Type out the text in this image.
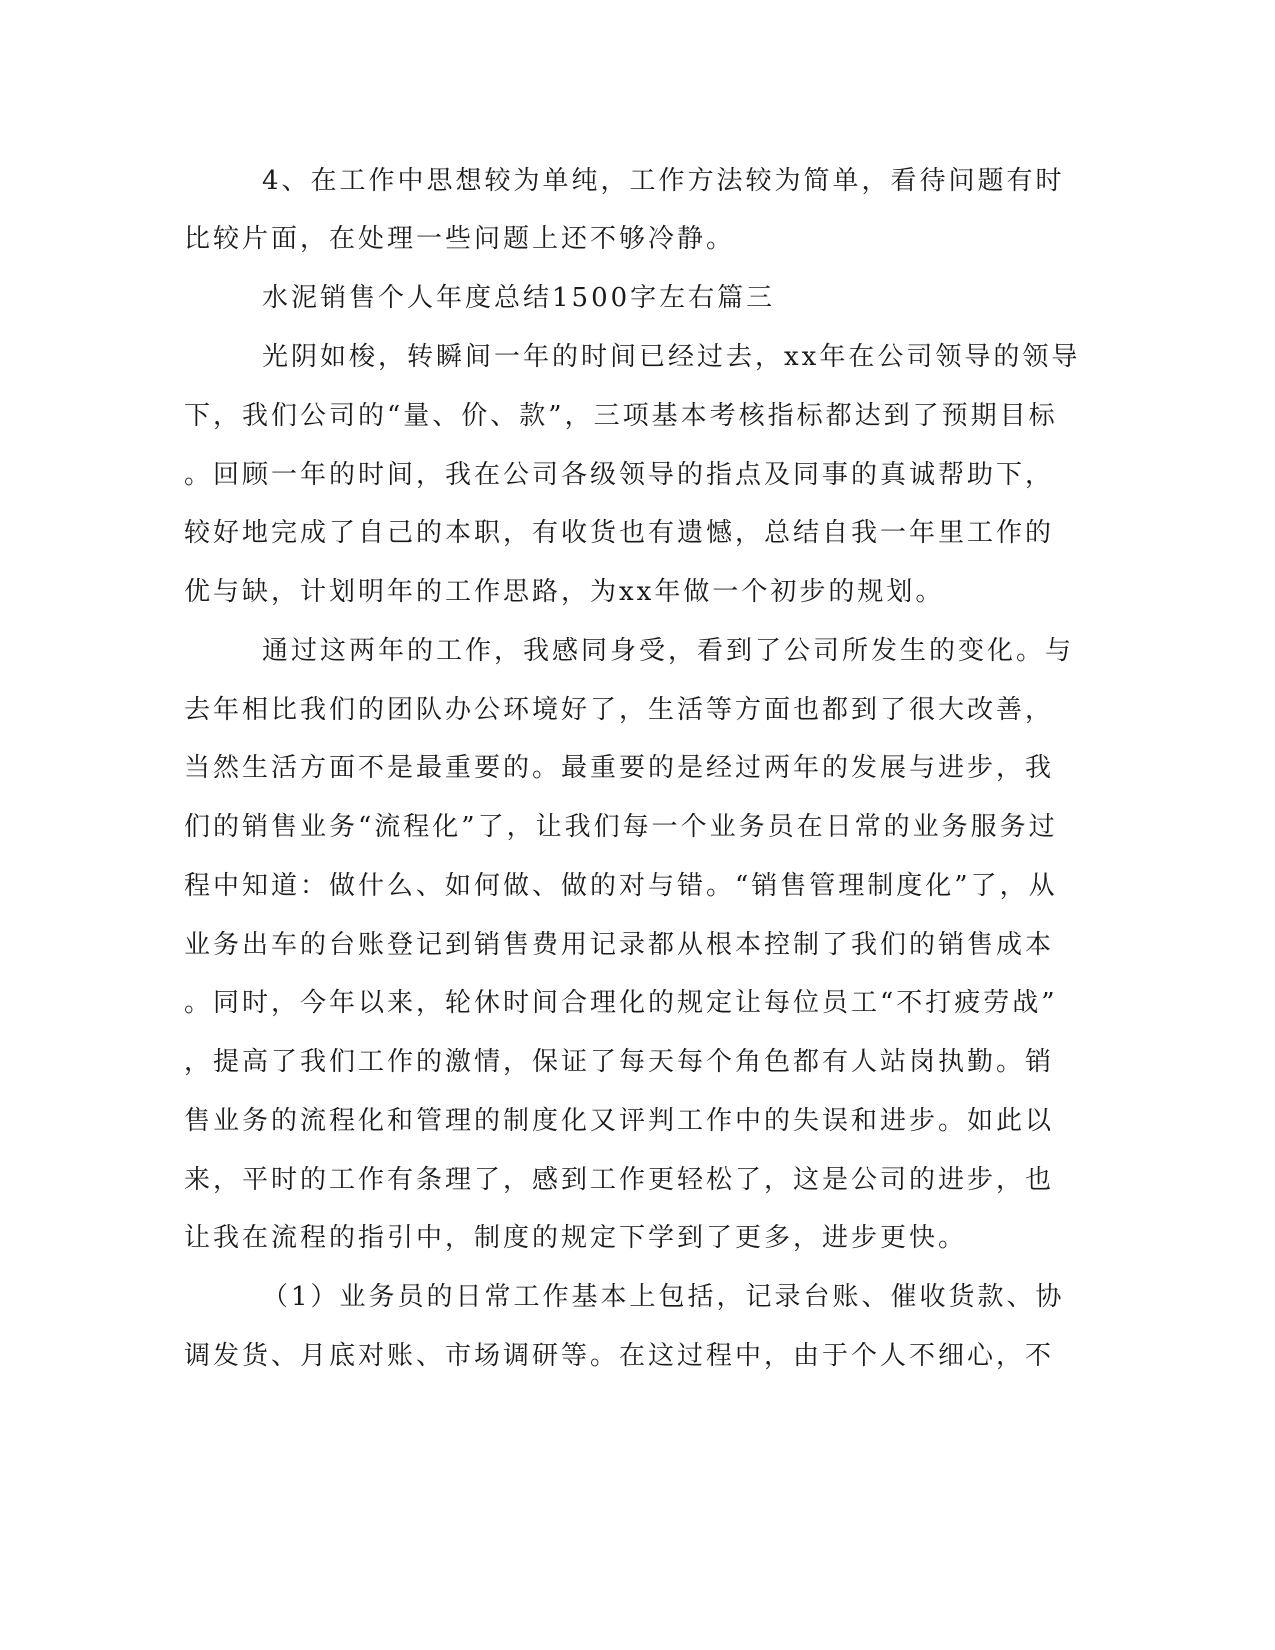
4、在工作中思想较为单纯，工作方法较为简单，看待问题有时
比较片面，在处理一些问题上还不够冷静。
水泥销售个人年度总结1500字左右篇三
光阴如梭，转瞬间一年的时间已经过去，xx年在公司领导的领导
下，我们公司的“量、价、款”，三项基本考核指标都达到了预期目标
。回顾一年的时间，我在公司各级领导的指点及同事的真诚帮助下，
较好地完成了自己的本职，有收货也有遗憾，总结自我一年里工作的
优与缺，计划明年的工作思路，为xx年做一个初步的规划。
通过这两年的工作，我感同身受，看到了公司所发生的变化。与
去年相比我们的团队办公环境好了，生活等方面也都到了很大改善，
当然生活方面不是最重要的。最重要的是经过两年的发展与进步，我
们的销售业务“流程化”了，让我们每一个业务员在日常的业务服务过
程中知道：做什么、如何做、做的对与错。“销售管理制度化”了，从
业务出车的台账登记到销售费用记录都从根本控制了我们的销售成本
。同时，今年以来，轮休时间合理化的规定让每位员工“不打疲劳战”
，提高了我们工作的激情，保证了每天每个角色都有人站岗执勤。销
售业务的流程化和管理的制度化又评判工作中的失误和进步。如此以
来，平时的工作有条理了，感到工作更轻松了，这是公司的进步，也
让我在流程的指引中，制度的规定下学到了更多，进步更快。
（1）业务员的日常工作基本上包括，记录台账、催收货款、协
调发货、月底对账、市场调研等。在这过程中，由于个人不细心，不
